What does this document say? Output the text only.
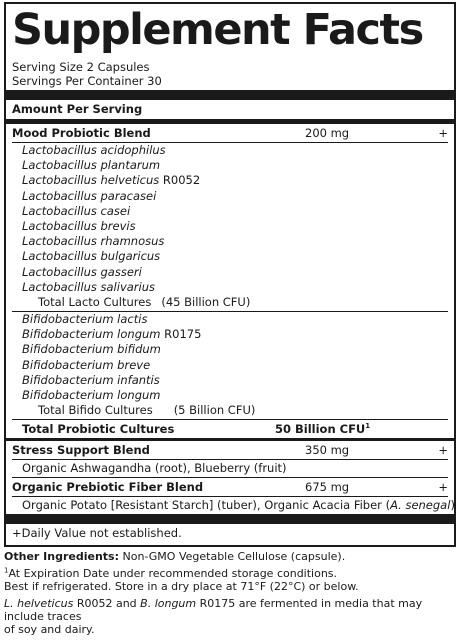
Supplement Facts
Serving Size 2 Capsules
Servings Per Container 30
Amount Per Serving
Mood Probiotic Blend	200 mg	+
Lactobacillus acidophilus
Lactobacillus plantarum
Lactobacillus helveticus R0052
Lactobacillus paracasei
Lactobacillus casei
Lactobacillus brevis
Lactobacillus rhamnosus
Lactobacillus bulgaricus
Lactobacillus gasseri
Lactobacillus salivarius
Total Lacto Cultures (45 Billion CFU)
Bifidobacterium lactis
Bifidobacterium longum R0175
Bifidobacterium bifidum
Bifidobacterium breve
Bifidobacterium infantis
Bifidobacterium longum
Total Bifido Cultures (5 Billion CFU)
Total Probiotic Cultures	50 Billion CFU$^1$
Stress Support Blend	350 mg	+
Organic Ashwagandha (root), Blueberry (fruit)
Organic Prebiotic Fiber Blend	675 mg	+
Organic Potato [Resistant Starch] (tuber), Organic Acacia Fiber (A. senegal)
+Daily Value not established.

Other Ingredients: Non-GMO Vegetable Cellulose (capsule).

$^1$At Expiration Date under recommended storage conditions.
Best if refrigerated. Store in a dry place at 71°F (22°C) or below.

L. helveticus R0052 and B. longum R0175 are fermented in media that may include traces
of soy and dairy.
